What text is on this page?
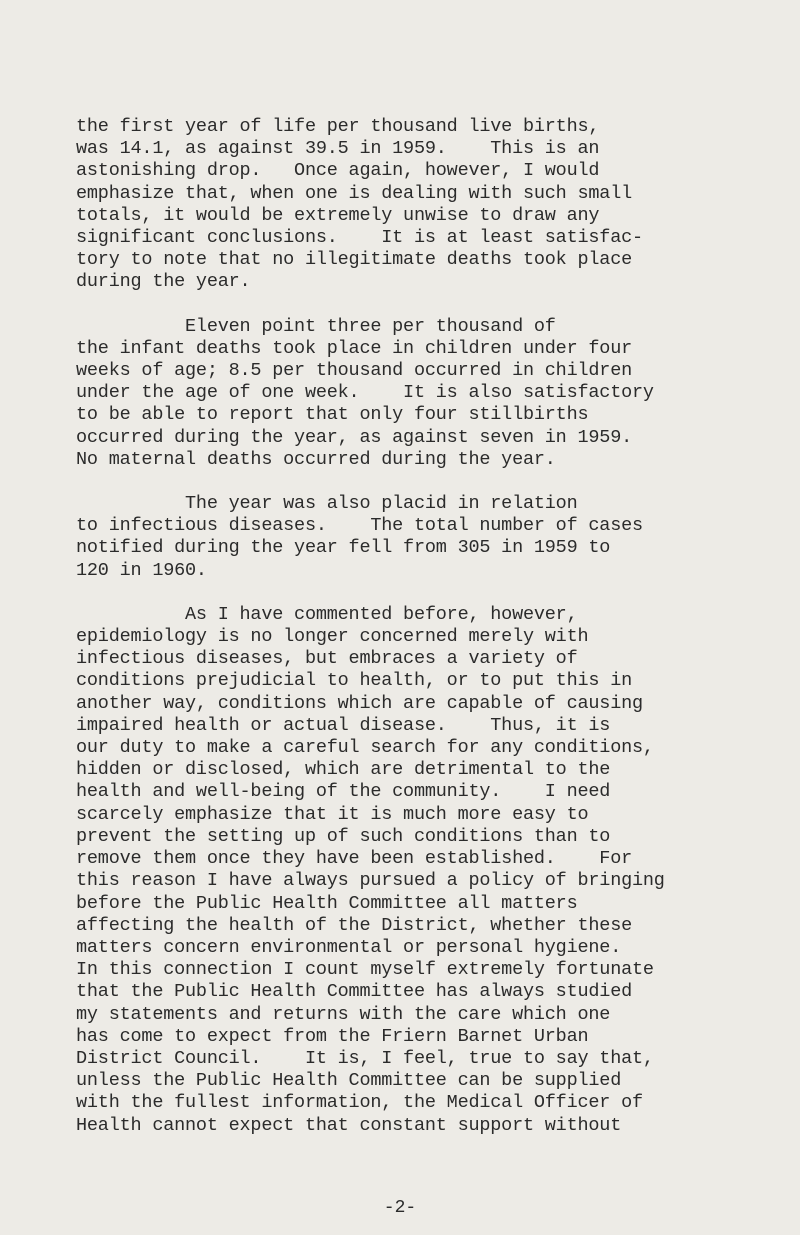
the first year of life per thousand live births,
was 14.1, as against 39.5 in 1959.    This is an
astonishing drop.   Once again, however, I would
emphasize that, when one is dealing with such small
totals, it would be extremely unwise to draw any
significant conclusions.    It is at least satisfac-
tory to note that no illegitimate deaths took place
during the year.

Eleven point three per thousand of
the infant deaths took place in children under four
weeks of age; 8.5 per thousand occurred in children
under the age of one week.    It is also satisfactory
to be able to report that only four stillbirths
occurred during the year, as against seven in 1959.
No maternal deaths occurred during the year.

The year was also placid in relation
to infectious diseases.    The total number of cases
notified during the year fell from 305 in 1959 to
120 in 1960.

As I have commented before, however,
epidemiology is no longer concerned merely with
infectious diseases, but embraces a variety of
conditions prejudicial to health, or to put this in
another way, conditions which are capable of causing
impaired health or actual disease.    Thus, it is
our duty to make a careful search for any conditions,
hidden or disclosed, which are detrimental to the
health and well-being of the community.    I need
scarcely emphasize that it is much more easy to
prevent the setting up of such conditions than to
remove them once they have been established.    For
this reason I have always pursued a policy of bringing
before the Public Health Committee all matters
affecting the health of the District, whether these
matters concern environmental or personal hygiene.
In this connection I count myself extremely fortunate
that the Public Health Committee has always studied
my statements and returns with the care which one
has come to expect from the Friern Barnet Urban
District Council.    It is, I feel, true to say that,
unless the Public Health Committee can be supplied
with the fullest information, the Medical Officer of
Health cannot expect that constant support without

-2-
